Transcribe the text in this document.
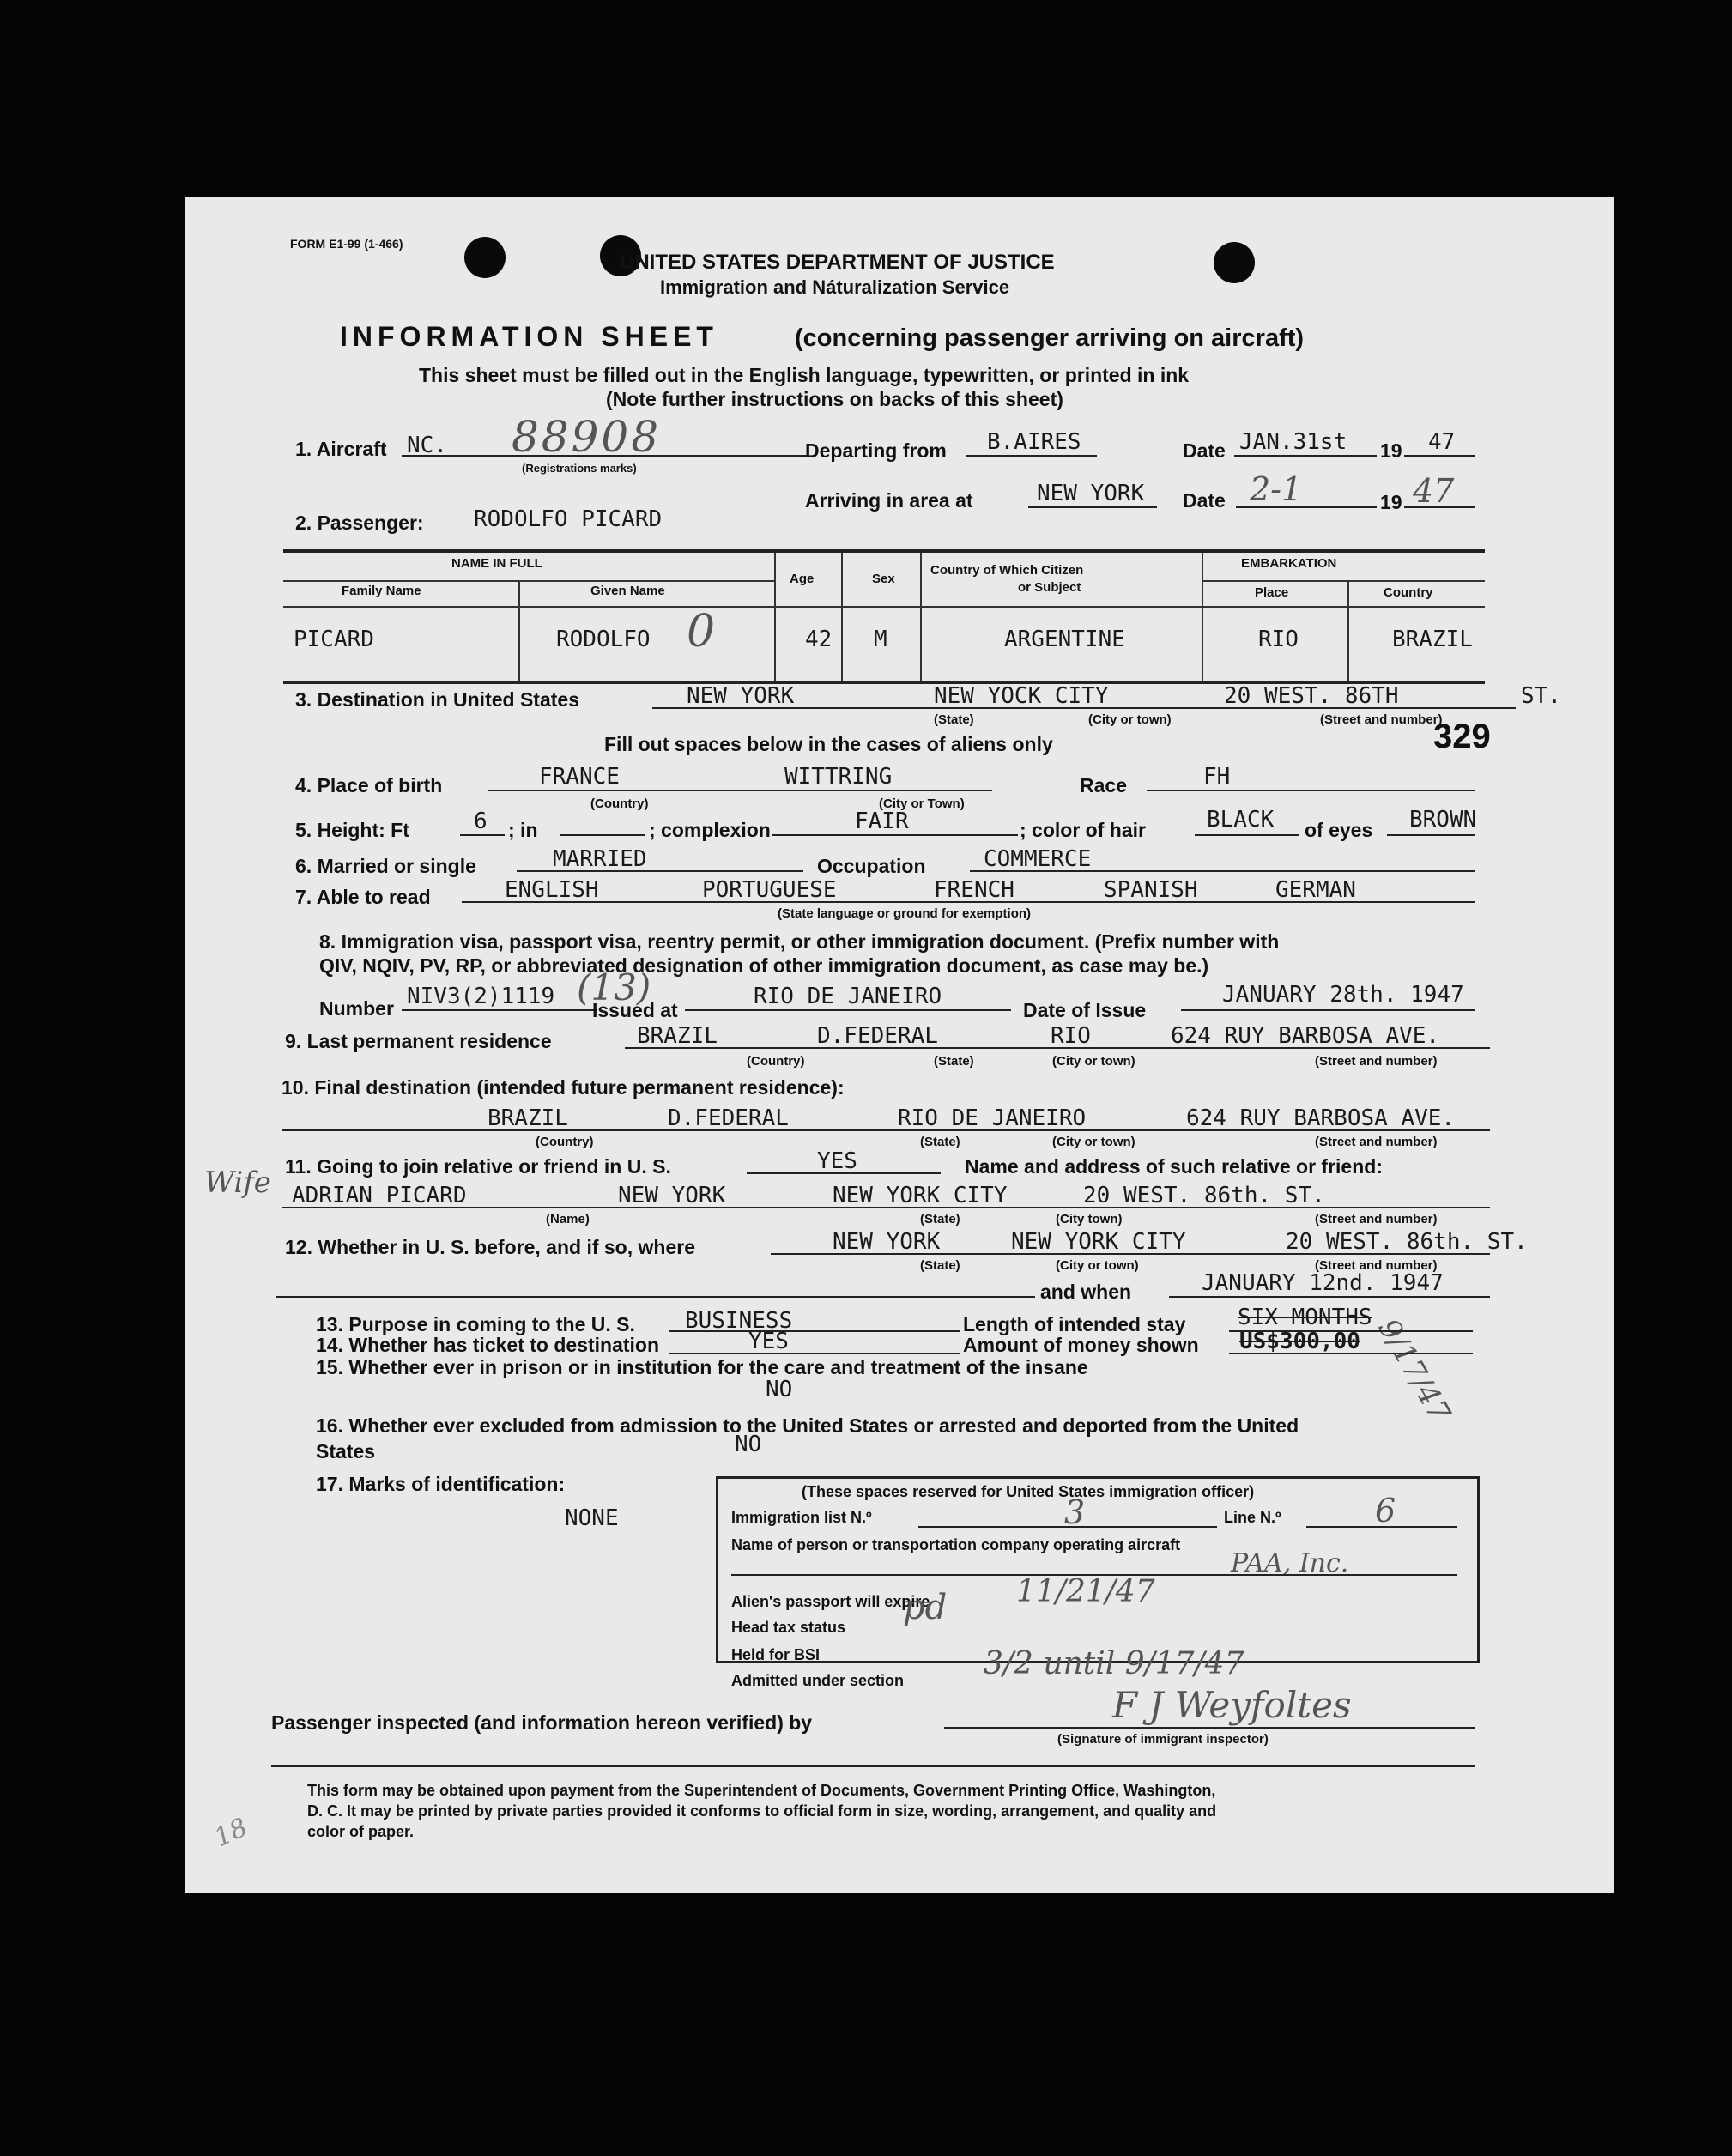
FORM E1-99 (1-466)
UNITED STATES DEPARTMENT OF JUSTICE
Immigration and Náturalization Service
INFORMATION SHEET	(concerning passenger arriving on aircraft)
This sheet must be filled out in the English language, typewritten, or printed in ink
(Note further instructions on backs of this sheet)
1. Aircraft NC. 88908
(Registrations marks)
Departing from B.AIRES	Date JAN.31st 19 47
Arriving in area at	NEW YORK Date 2-1	19 47
2. Passenger: RODOLFO PICARD
NAME IN FULL
Family Name	Given Name
Age	Sex
Country of Which Citizen
or Subject
EMBARKATION
Place	Country
PICARD	RODOLFO 0	42 M	ARGENTINE	RIO	BRAZIL
3. Destination in United States	NEW YORK	NEW YOCK CITY	20 WEST. 86TH	ST.
(State)	(City or town)	(Street and number)
329
Fill out spaces below in the cases of aliens only
4. Place of birth	FRANCE	WITTRING
(Country)	(City or Town)
Race	FH
5. Height: Ft	6 ; in	; complexion	FAIR	; color of hair	BLACK of eyes BROWN
6. Married or single	MARRIED	Occupation	COMMERCE
7. Able to read	ENGLISH	PORTUGUESE	FRENCH	SPANISH	GERMAN
(State language or ground for exemption)
8. Immigration visa, passport visa, reentry permit, or other immigration document. (Prefix number with
QIV, NQIV, PV, RP, or abbreviated designation of other immigration document, as case may be.)
Number NIV3(2)1119 (13)
Issued at
RIO DE JANEIRO
Date of Issue
JANUARY 28th. 1947
9. Last permanent residence	BRAZIL	D.FEDERAL	RIO	624 RUY BARBOSA AVE.
(Country)	(State)	(City or town)	(Street and number)
10. Final destination (intended future permanent residence):
BRAZIL	D.FEDERAL	RIO DE JANEIRO	624 RUY BARBOSA AVE.
(Country)	(State)	(City or town)	(Street and number)
11. Going to join relative or friend in U. S.	YES	Name and address of such relative or friend:
Wife ADRIAN PICARD	NEW YORK	NEW YORK CITY	20 WEST. 86th. ST.
(Name)	(State)	(City town)	(Street and number)
12. Whether in U. S. before, and if so, where	NEW YORK	NEW YORK CITY	20 WEST. 86th. ST.
(State)	(City or town)	(Street and number)
and when	JANUARY 12nd. 1947
13. Purpose in coming to the U. S. BUSINESS	Length of intended stay SIX MONTHS
9/17/47
14. Whether has ticket to destination	YES	Amount of money shown US$300,00
15. Whether ever in prison or in institution for the care and treatment of the insane
NO
16. Whether ever excluded from admission to the United States or arrested and deported from the United
States	NO
17. Marks of identification:
NONE
(These spaces reserved for United States immigration officer)
Immigration list N.º	3	Line N.º	6
Name of person or transportation company operating aircraft
PAA, Inc.
Alien's passport will expire	11/21/47
Head tax status pd
Held for BSI
Admitted under section	3/2 until 9/17/47
Passenger inspected (and information hereon verified) by	F J Weyfoltes
(Signature of immigrant inspector)
This form may be obtained upon payment from the Superintendent of Documents, Government Printing Office, Washington,
D. C. It may be printed by private parties provided it conforms to official form in size, wording, arrangement, and quality and
color of paper.
18
